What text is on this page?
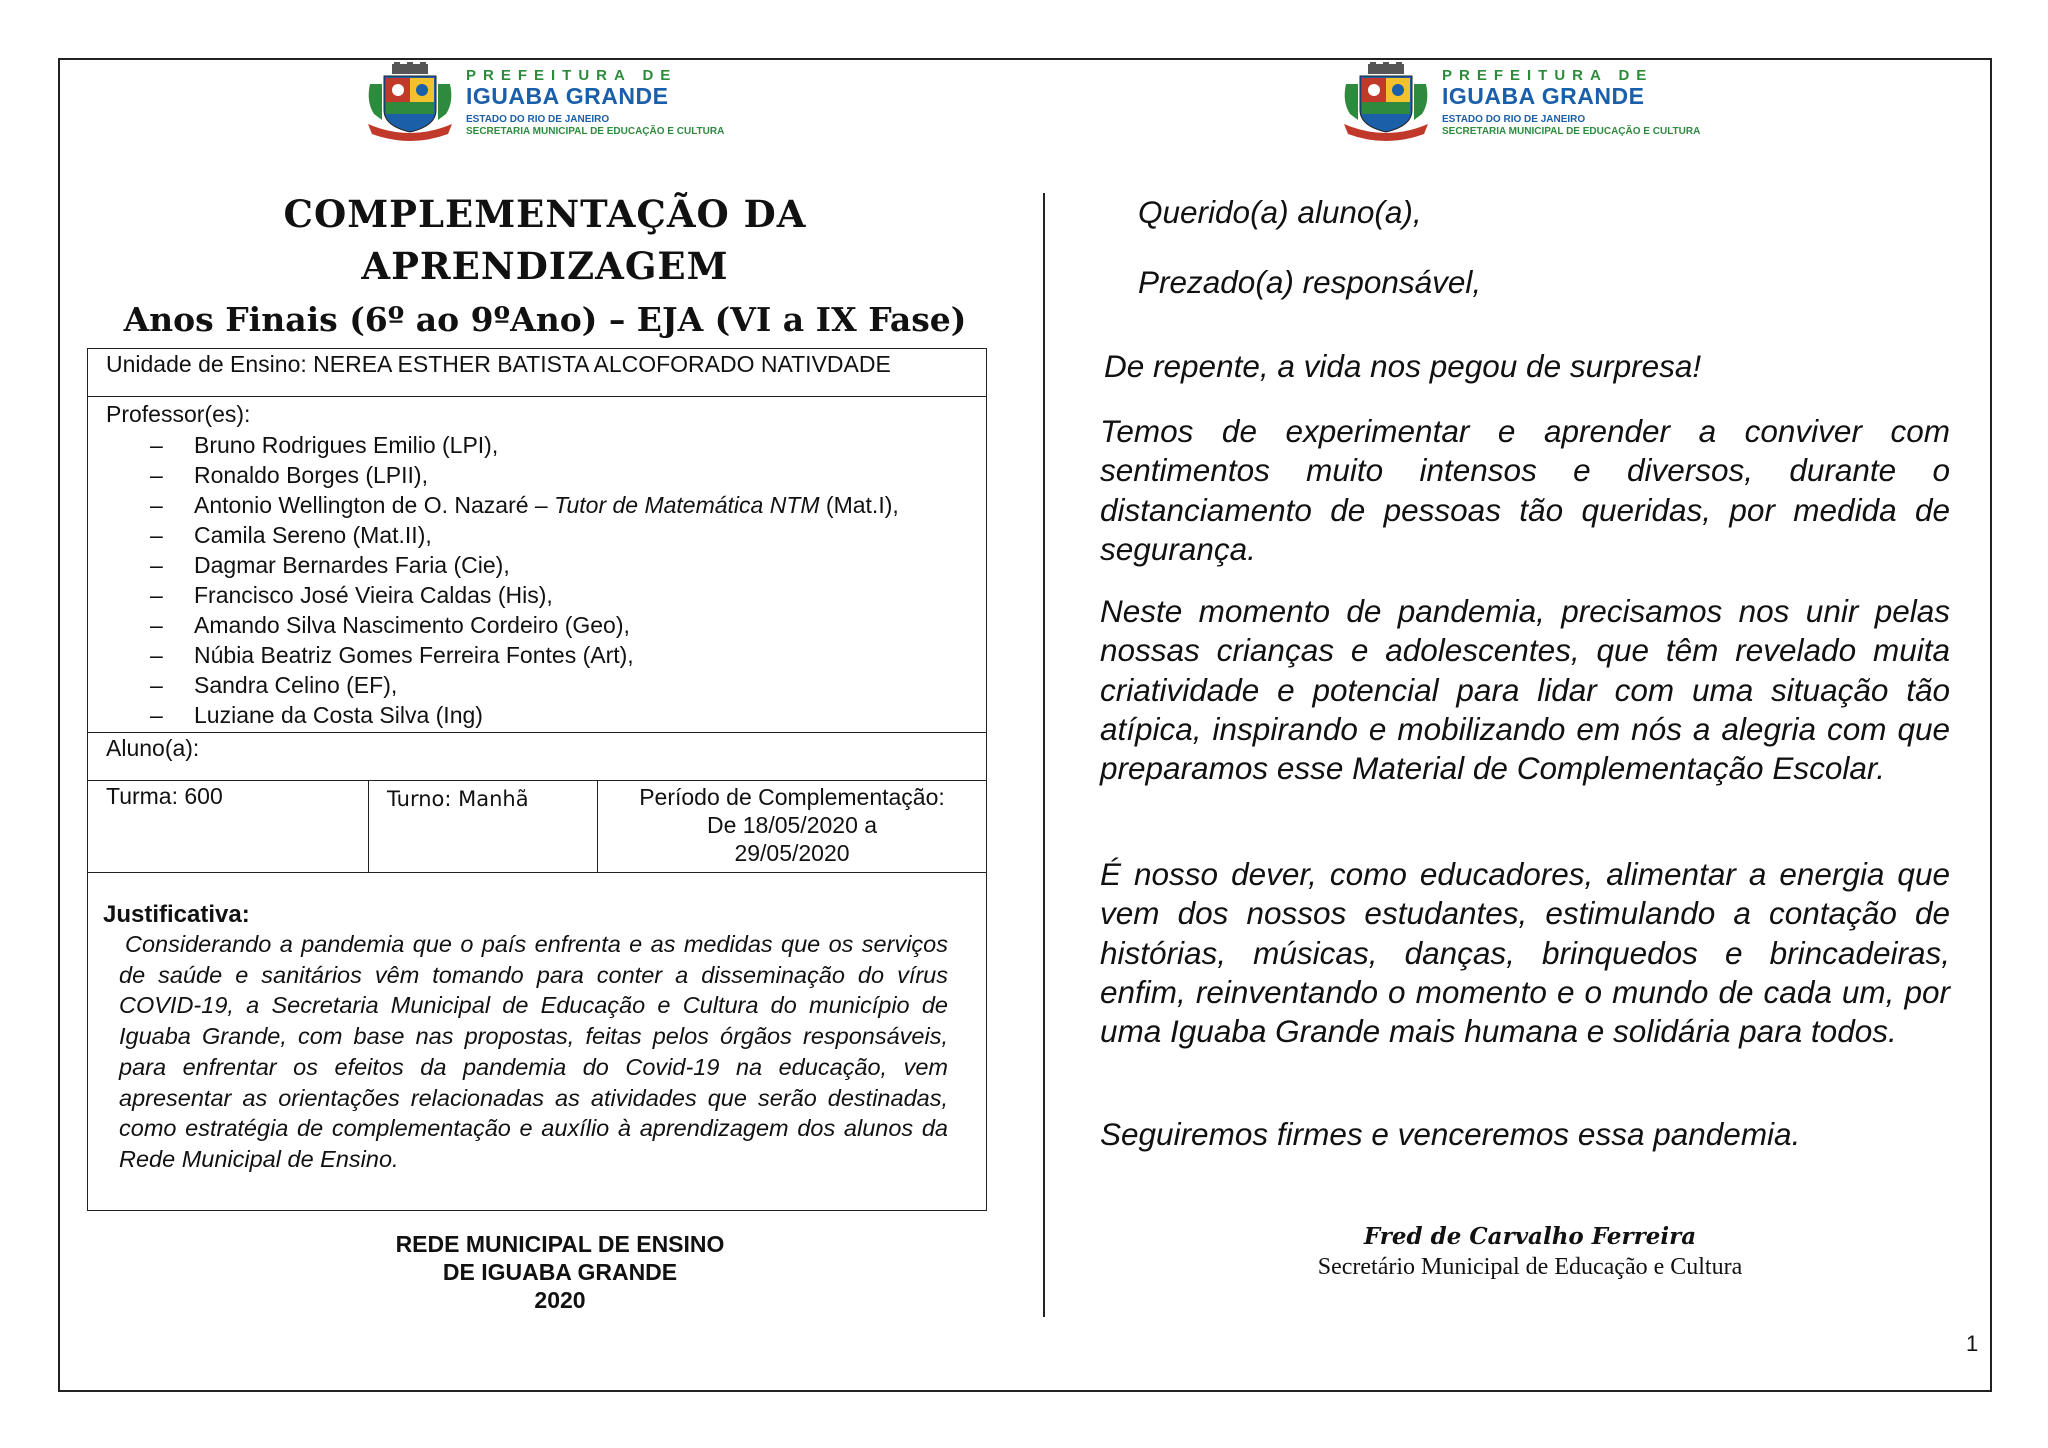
PREFEITURA DE
IGUABA GRANDE
ESTADO DO RIO DE JANEIRO
SECRETARIA MUNICIPAL DE EDUCAÇÃO E CULTURA
PREFEITURA DE
IGUABA GRANDE
ESTADO DO RIO DE JANEIRO
SECRETARIA MUNICIPAL DE EDUCAÇÃO E CULTURA
COMPLEMENTAÇÃO DA
APRENDIZAGEM
Anos Finais (6º ao 9ºAno) – EJA (VI a IX Fase)
Unidade de Ensino: NEREA ESTHER BATISTA ALCOFORADO NATIVDADE

Professor(es):
– Bruno Rodrigues Emilio (LPI),
– Ronaldo Borges (LPII),
– Antonio Wellington de O. Nazaré – Tutor de Matemática NTM (Mat.I),
– Camila Sereno (Mat.II),
– Dagmar Bernardes Faria (Cie),
– Francisco José Vieira Caldas (His),
– Amando Silva Nascimento Cordeiro (Geo),
– Núbia Beatriz Gomes Ferreira Fontes (Art),
– Sandra Celino (EF),
– Luziane da Costa Silva (Ing)

Aluno(a):
Turma: 600	Turno: Manhã	Período de Complementação:
De 18/05/2020 a
29/05/2020

Justificativa:
Considerando a pandemia que o país enfrenta e as medidas que os serviços de saúde e sanitários vêm tomando para conter a disseminação do vírus COVID-19, a Secretaria Municipal de Educação e Cultura do município de Iguaba Grande, com base nas propostas, feitas pelos órgãos responsáveis, para enfrentar os efeitos da pandemia do Covid-19 na educação, vem apresentar as orientações relacionadas as atividades que serão destinadas, como estratégia de complementação e auxílio à aprendizagem dos alunos da Rede Municipal de Ensino.
REDE MUNICIPAL DE ENSINO
DE IGUABA GRANDE
2020
Querido(a) aluno(a),
Prezado(a) responsável,
De repente, a vida nos pegou de surpresa!
Temos de experimentar e aprender a conviver com sentimentos muito intensos e diversos, durante o distanciamento de pessoas tão queridas, por medida de segurança.
Neste momento de pandemia, precisamos nos unir pelas nossas crianças e adolescentes, que têm revelado muita criatividade e potencial para lidar com uma situação tão atípica, inspirando e mobilizando em nós a alegria com que preparamos esse Material de Complementação Escolar.
É nosso dever, como educadores, alimentar a energia que vem dos nossos estudantes, estimulando a contação de histórias, músicas, danças, brinquedos e brincadeiras, enfim, reinventando o momento e o mundo de cada um, por uma Iguaba Grande mais humana e solidária para todos.
Seguiremos firmes e venceremos essa pandemia.
Fred de Carvalho Ferreira
Secretário Municipal de Educação e Cultura
1
